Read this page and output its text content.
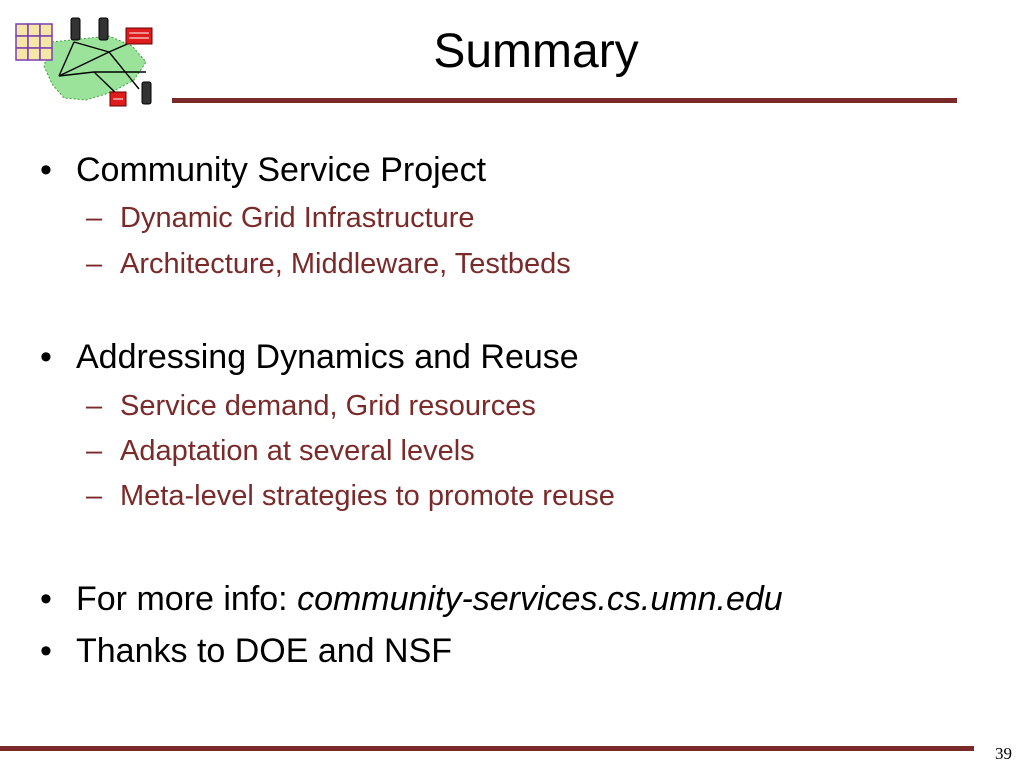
Summary
• Community Service Project
– Dynamic Grid Infrastructure
– Architecture, Middleware, Testbeds
• Addressing Dynamics and Reuse
– Service demand, Grid resources
– Adaptation at several levels
– Meta-level strategies to promote reuse
• For more info: community-services.cs.umn.edu
• Thanks to DOE and NSF
39
